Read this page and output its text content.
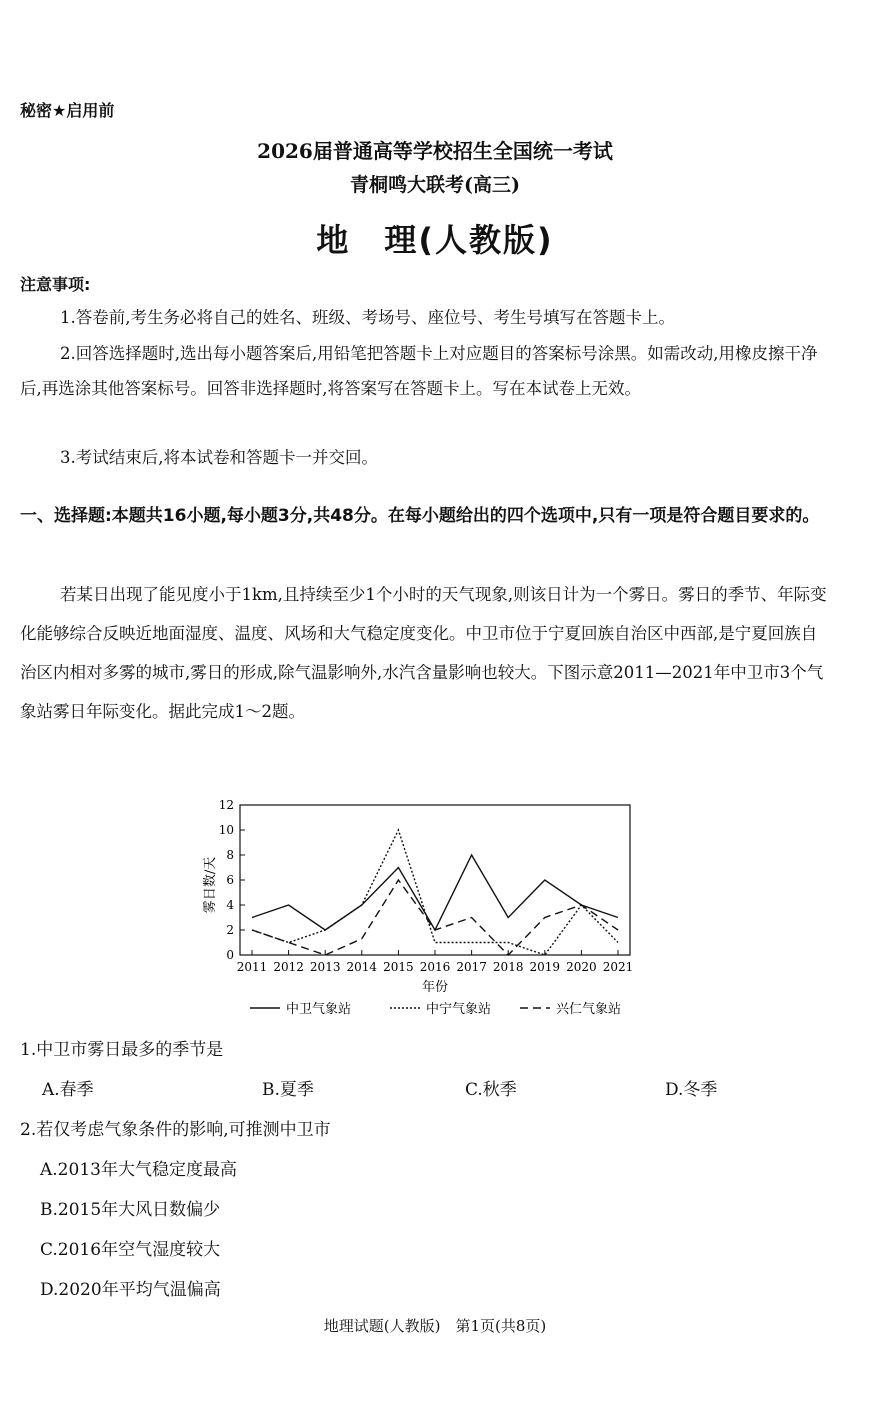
秘密★启用前
2026届普通高等学校招生全国统一考试
青桐鸣大联考(高三)
地　理(人教版)
注意事项:
1.答卷前,考生务必将自己的姓名、班级、考场号、座位号、考生号填写在答题卡上。
2.回答选择题时,选出每小题答案后,用铅笔把答题卡上对应题目的答案标号涂黑。如需改动,用橡皮擦干净后,再选涂其他答案标号。回答非选择题时,将答案写在答题卡上。写在本试卷上无效。
3.考试结束后,将本试卷和答题卡一并交回。
一、选择题:本题共16小题,每小题3分,共48分。在每小题给出的四个选项中,只有一项是符合题目要求的。
若某日出现了能见度小于1km,且持续至少1个小时的天气现象,则该日计为一个雾日。雾日的季节、年际变化能够综合反映近地面湿度、温度、风场和大气稳定度变化。中卫市位于宁夏回族自治区中西部,是宁夏回族自治区内相对多雾的城市,雾日的形成,除气温影响外,水汽含量影响也较大。下图示意2011—2021年中卫市3个气象站雾日年际变化。据此完成1～2题。
0
2
4
6
8
10
12
2011 2012 2013 2014 2015 2016 2017 2018 2019 2020 2021
雾日数/天
年份
中卫气象站	中宁气象站	兴仁气象站
1.中卫市雾日最多的季节是
A.春季	B.夏季	C.秋季	D.冬季
2.若仅考虑气象条件的影响,可推测中卫市
A.2013年大气稳定度最高
B.2015年大风日数偏少
C.2016年空气湿度较大
D.2020年平均气温偏高
地理试题(人教版)　第1页(共8页)
